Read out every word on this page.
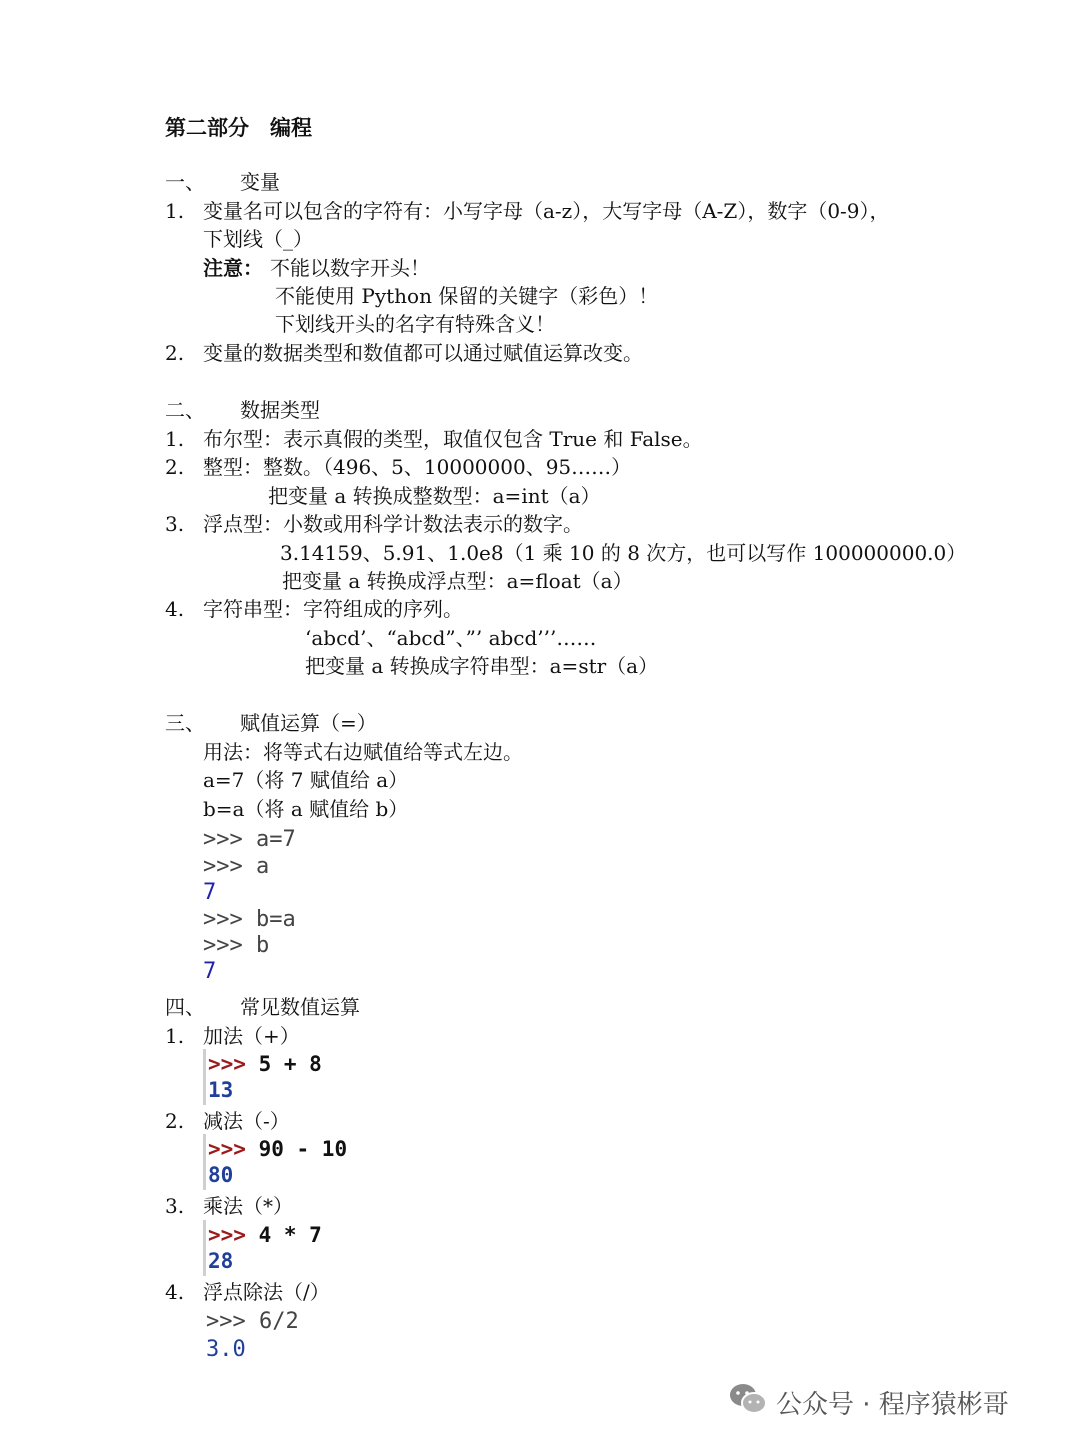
第二部分　编程
一、 变量
1. 变量名可以包含的字符有：小写字母（a-z），大写字母（A-Z），数字（0-9），
下划线（_）
注意： 不能以数字开头！
不能使用 Python 保留的关键字（彩色）！
下划线开头的名字有特殊含义！
2. 变量的数据类型和数值都可以通过赋值运算改变。
二、 数据类型
1. 布尔型：表示真假的类型，取值仅包含 True 和 False。
2. 整型：整数。（496、5、10000000、95……）
把变量 a 转换成整数型：a=int（a）
3. 浮点型：小数或用科学计数法表示的数字。
3.14159、5.91、1.0e8（1 乘 10 的 8 次方，也可以写作 100000000.0）
把变量 a 转换成浮点型：a=float（a）
4. 字符串型：字符组成的序列。
‘abcd’、“abcd”、”’ abcd’’’……
把变量 a 转换成字符串型：a=str（a）
三、 赋值运算（=）
用法：将等式右边赋值给等式左边。
a=7（将 7 赋值给 a）
b=a（将 a 赋值给 b）
>>> a=7
>>> a
7
>>> b=a
>>> b
7
四、 常见数值运算
1. 加法（+）
>>> 5 + 8
13
2. 减法（-）
>>> 90 - 10
80
3. 乘法（*）
>>> 4 * 7
28
4. 浮点除法（/）
>>> 6/2
3.0
公众号 · 程序猿彬哥
